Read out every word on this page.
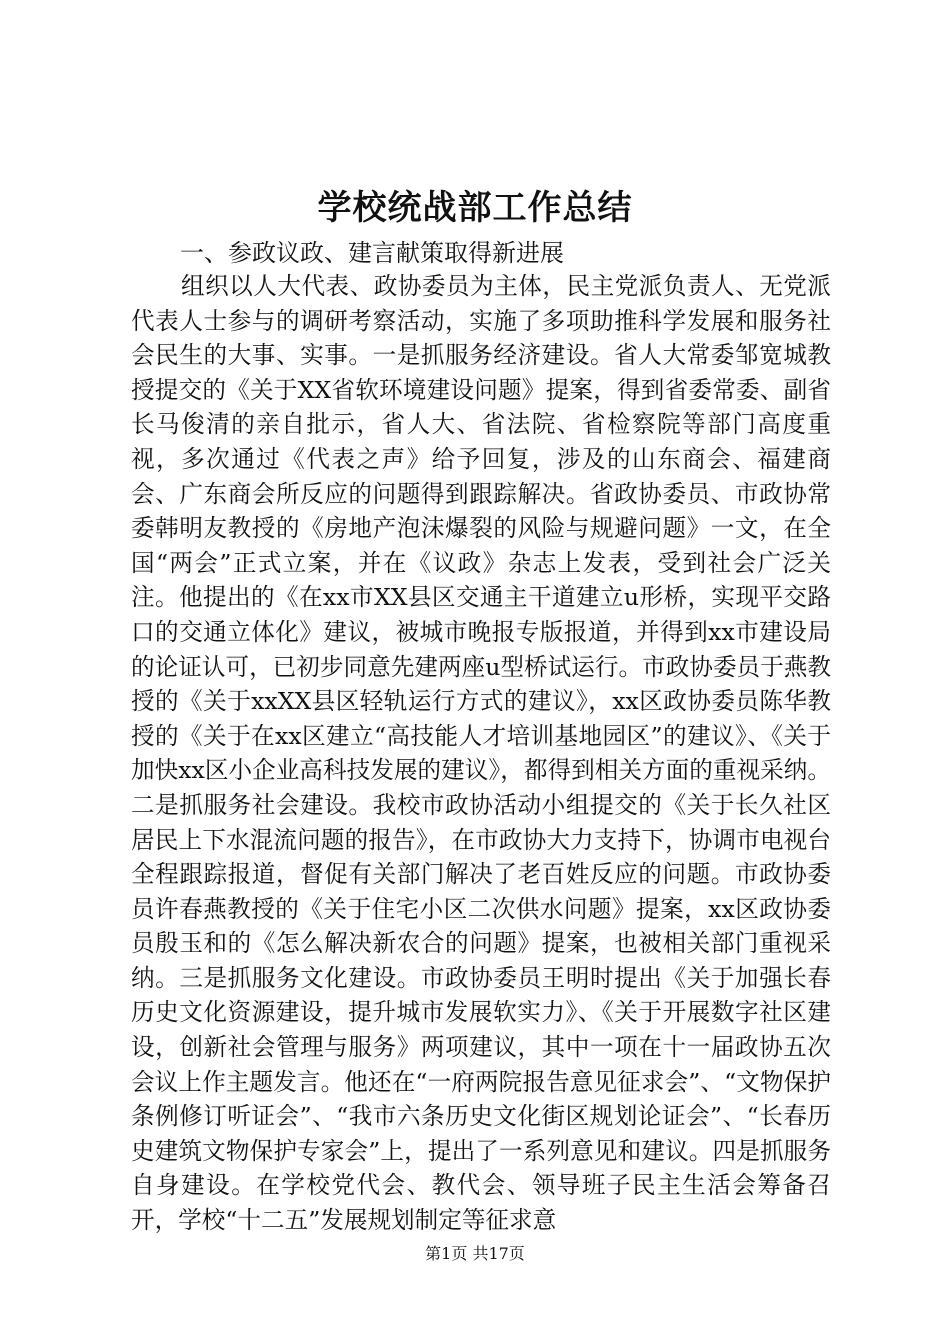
学校统战部工作总结

一、参政议政、建言献策取得新进展

组织以人大代表、政协委员为主体，民主党派负责人、无党派代表人士参与的调研考察活动，实施了多项助推科学发展和服务社会民生的大事、实事。一是抓服务经济建设。省人大常委邹宽城教授提交的《关于XX省软环境建设问题》提案，得到省委常委、副省长马俊清的亲自批示，省人大、省法院、省检察院等部门高度重视，多次通过《代表之声》给予回复，涉及的山东商会、福建商会、广东商会所反应的问题得到跟踪解决。省政协委员、市政协常委韩明友教授的《房地产泡沫爆裂的风险与规避问题》一文，在全国“两会”正式立案，并在《议政》杂志上发表，受到社会广泛关注。他提出的《在xx市XX县区交通主干道建立u形桥，实现平交路口的交通立体化》建议，被城市晚报专版报道，并得到xx市建设局的论证认可，已初步同意先建两座u型桥试运行。市政协委员于燕教授的《关于xxXX县区轻轨运行方式的建议》，xx区政协委员陈华教授的《关于在xx区建立“高技能人才培训基地园区”的建议》、《关于加快xx区小企业高科技发展的建议》，都得到相关方面的重视采纳。二是抓服务社会建设。我校市政协活动小组提交的《关于长久社区居民上下水混流问题的报告》，在市政协大力支持下，协调市电视台全程跟踪报道，督促有关部门解决了老百姓反应的问题。市政协委员许春燕教授的《关于住宅小区二次供水问题》提案，xx区政协委员殷玉和的《怎么解决新农合的问题》提案，也被相关部门重视采纳。三是抓服务文化建设。市政协委员王明时提出《关于加强长春历史文化资源建设，提升城市发展软实力》、《关于开展数字社区建设，创新社会管理与服务》两项建议，其中一项在十一届政协五次会议上作主题发言。他还在“一府两院报告意见征求会”、“文物保护条例修订听证会”、“我市六条历史文化街区规划论证会”、“长春历史建筑文物保护专家会”上，提出了一系列意见和建议。四是抓服务自身建设。在学校党代会、教代会、领导班子民主生活会筹备召开，学校“十二五”发展规划制定等征求意

第1页 共17页
